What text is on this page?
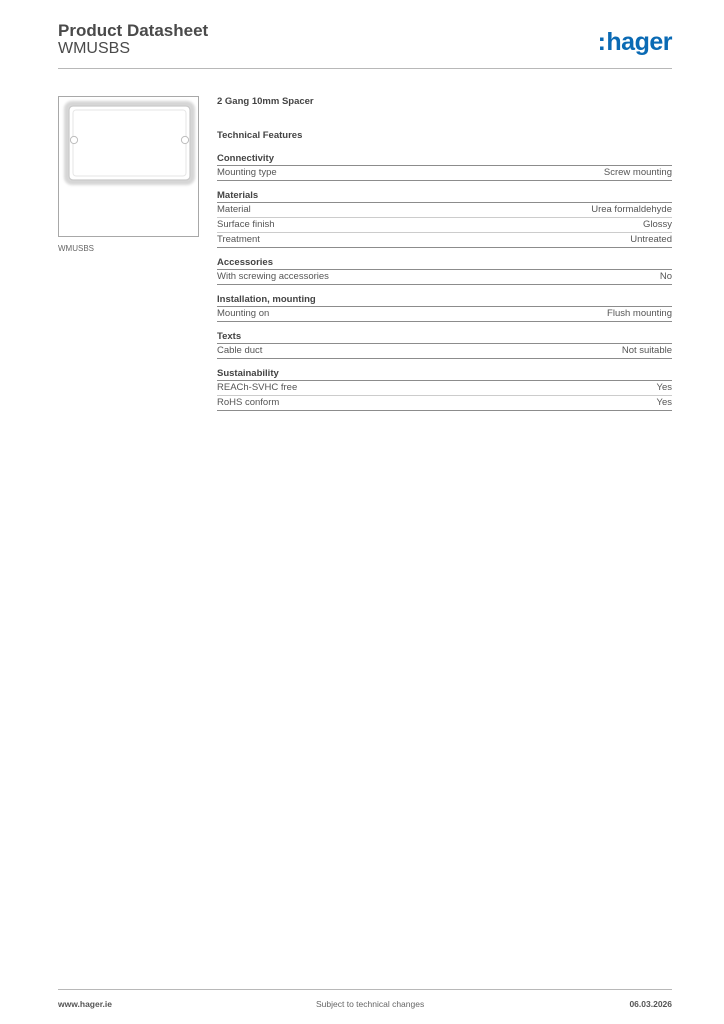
Product Datasheet
WMUSBS	:hager
WMUSBS
2 Gang 10mm Spacer
Technical Features
Connectivity
Mounting type	Screw mounting
Materials
Material	Urea formaldehyde
Surface finish	Glossy
Treatment	Untreated
Accessories
With screwing accessories	No
Installation, mounting
Mounting on	Flush mounting
Texts
Cable duct	Not suitable
Sustainability
REACh-SVHC free	Yes
RoHS conform	Yes
www.hager.ie	Subject to technical changes	06.03.2026
